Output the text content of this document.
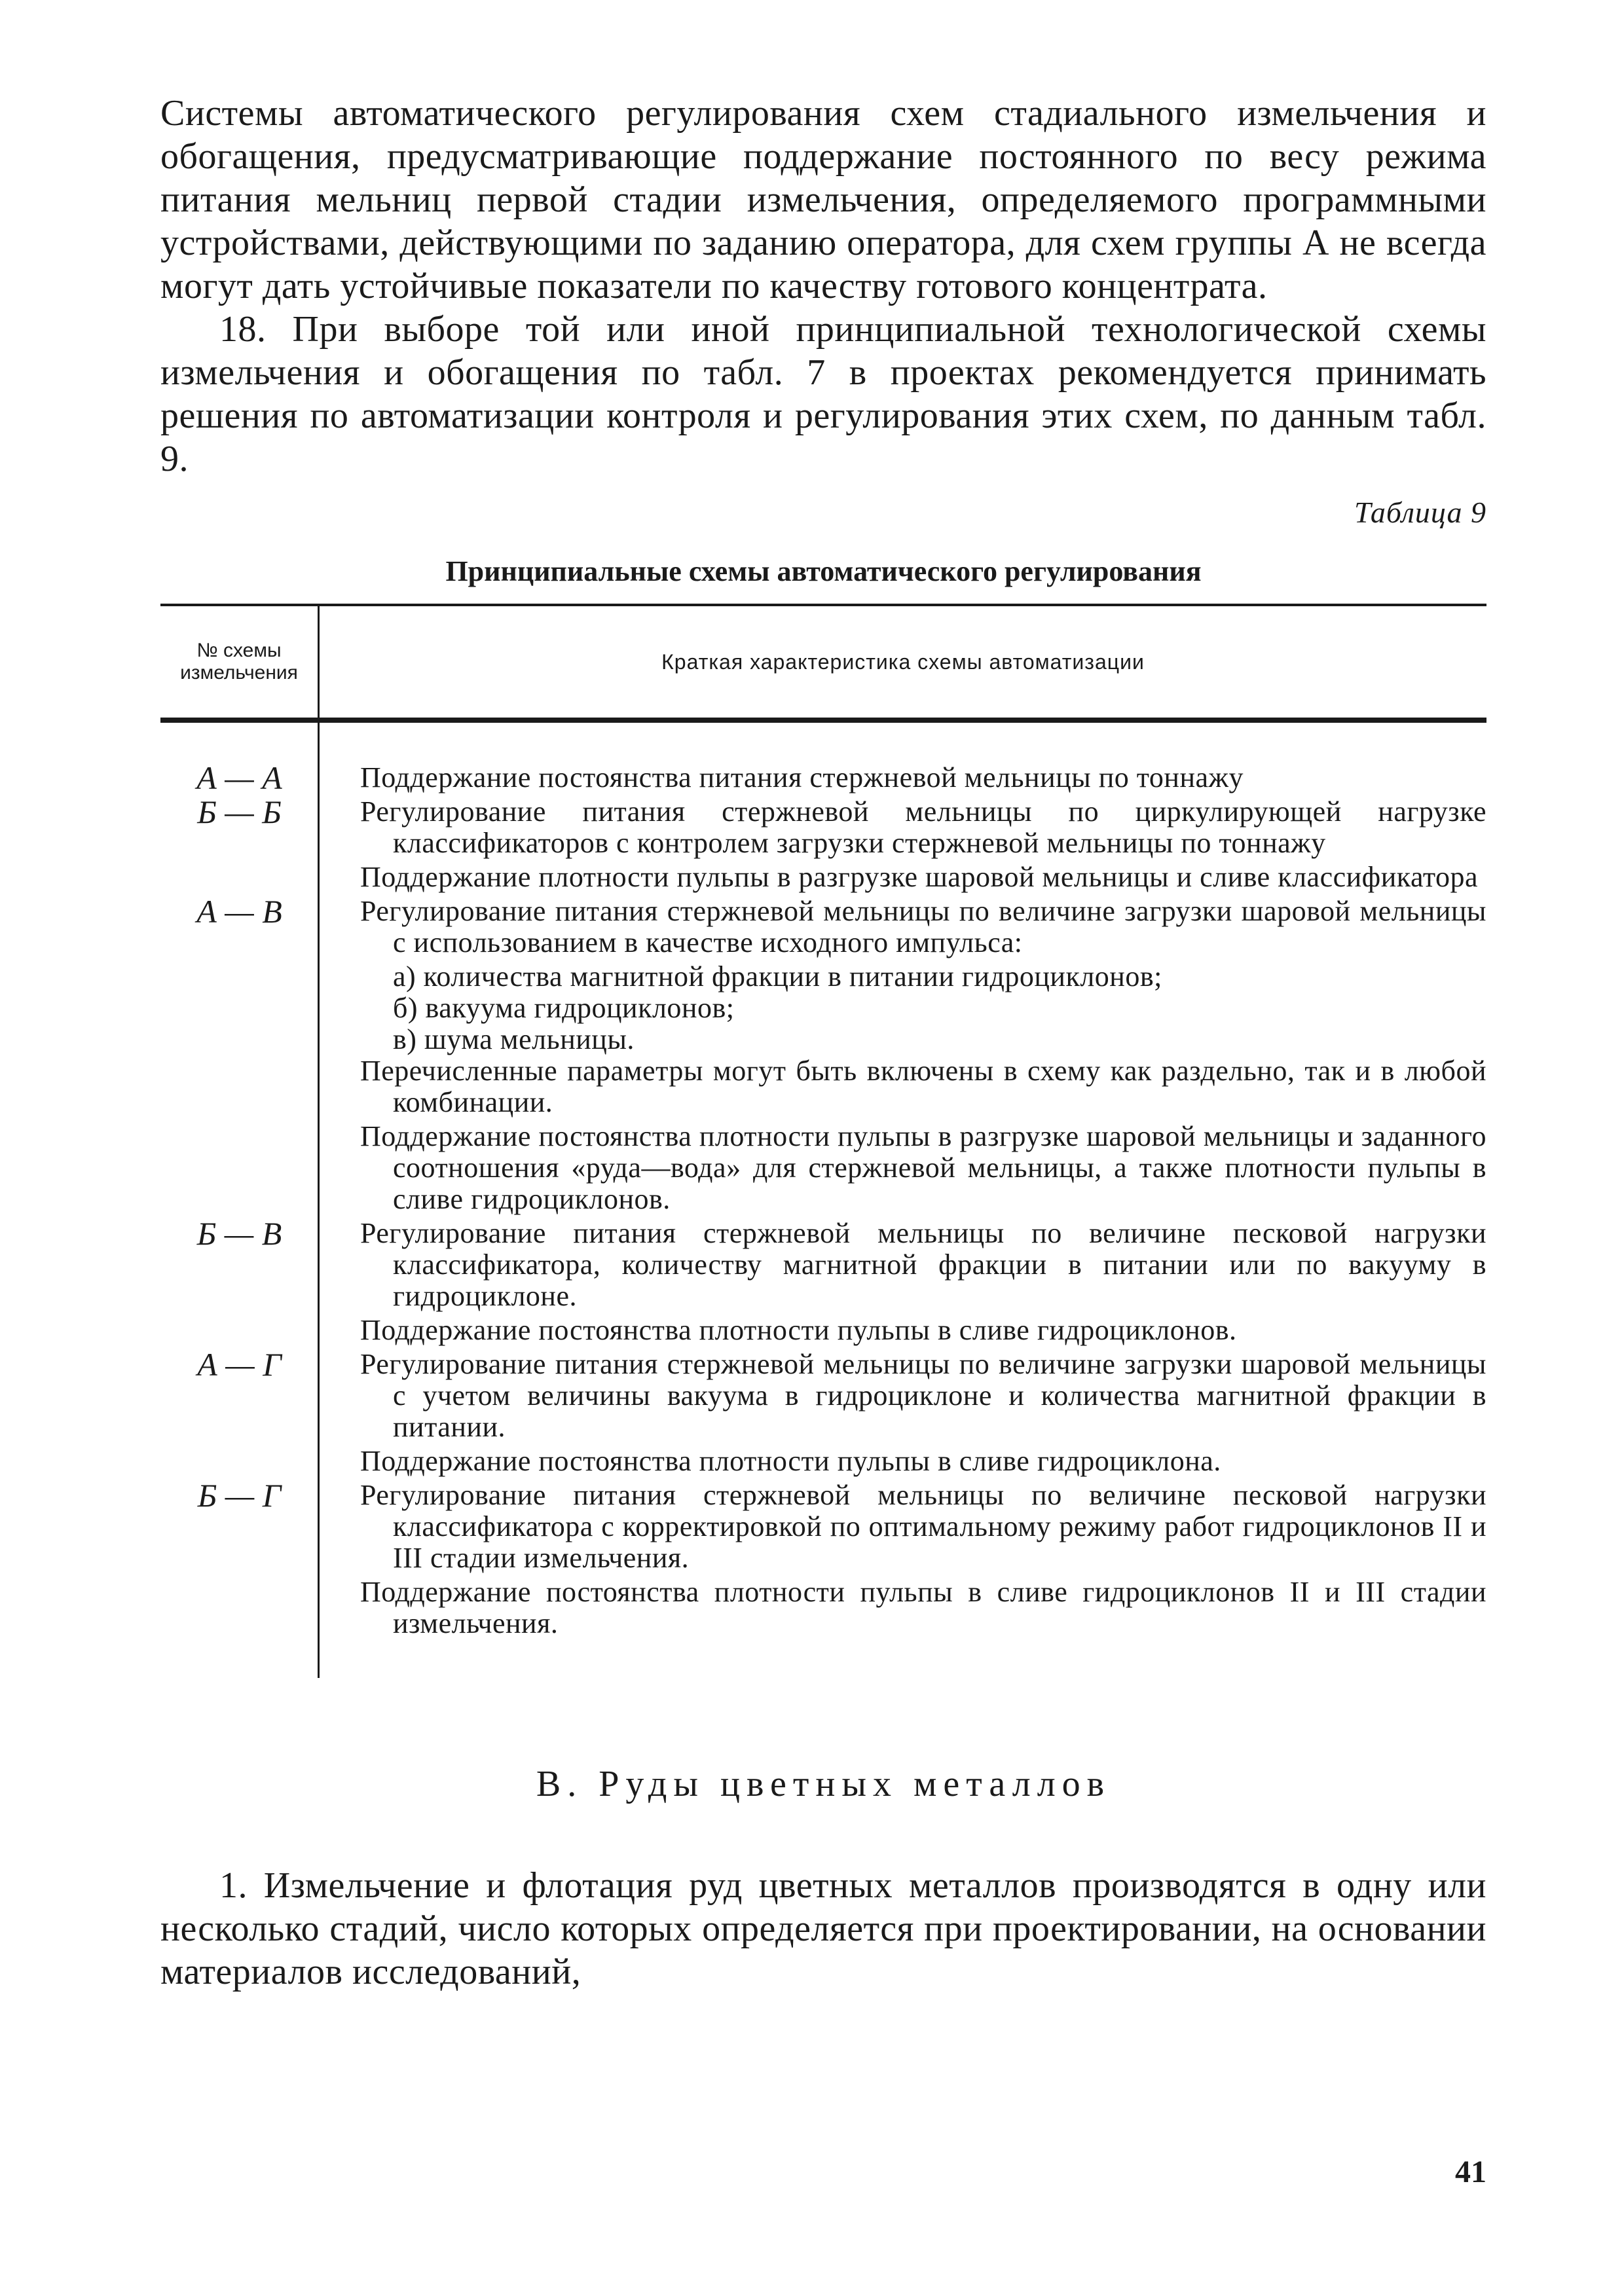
Системы автоматического регулирования схем стадиального измельчения и обогащения, предусматривающие поддержание постоянного по весу режима питания мельниц первой стадии измельчения, определяемого программными устройствами, действующими по заданию оператора, для схем группы А не всегда могут дать устойчивые показатели по качеству готового концентрата.

18. При выборе той или иной принципиальной технологической схемы измельчения и обогащения по табл. 7 в проектах рекомендуется принимать решения по автоматизации контроля и регулирования этих схем, по данным табл. 9.

Таблица 9
Принципиальные схемы автоматического регулирования
№ схемы измельчения	Краткая характеристика схемы автоматизации
А — А	Поддержание постоянства питания стержневой мельницы по тоннажу

Б — Б	Регулирование питания стержневой мельницы по циркулирующей нагрузке классификаторов с контролем загрузки стержневой мельницы по тоннажу

Поддержание плотности пульпы в разгрузке шаровой мельницы и сливе классификатора

А — В	Регулирование питания стержневой мельницы по величине загрузки шаровой мельницы с использованием в качестве исходного импульса:

а) количества магнитной фракции в питании гидроциклонов;

б) вакуума гидроциклонов;

в) шума мельницы.

Перечисленные параметры могут быть включены в схему как раздельно, так и в любой комбинации.

Поддержание постоянства плотности пульпы в разгрузке шаровой мельницы и заданного соотношения «руда—вода» для стержневой мельницы, а также плотности пульпы в сливе гидроциклонов.

Б — В	Регулирование питания стержневой мельницы по величине песковой нагрузки классификатора, количеству магнитной фракции в питании или по вакууму в гидроциклоне.

Поддержание постоянства плотности пульпы в сливе гидроциклонов.

А — Г	Регулирование питания стержневой мельницы по величине загрузки шаровой мельницы с учетом величины вакуума в гидроциклоне и количества магнитной фракции в питании.

Поддержание постоянства плотности пульпы в сливе гидроциклона.

Б — Г	Регулирование питания стержневой мельницы по величине песковой нагрузки классификатора с корректировкой по оптимальному режиму работ гидроциклонов II и III стадии измельчения.

Поддержание постоянства плотности пульпы в сливе гидроциклонов II и III стадии измельчения.

В. Руды цветных металлов

1. Измельчение и флотация руд цветных металлов производятся в одну или несколько стадий, число которых определяется при проектировании, на основании материалов исследований,

41
